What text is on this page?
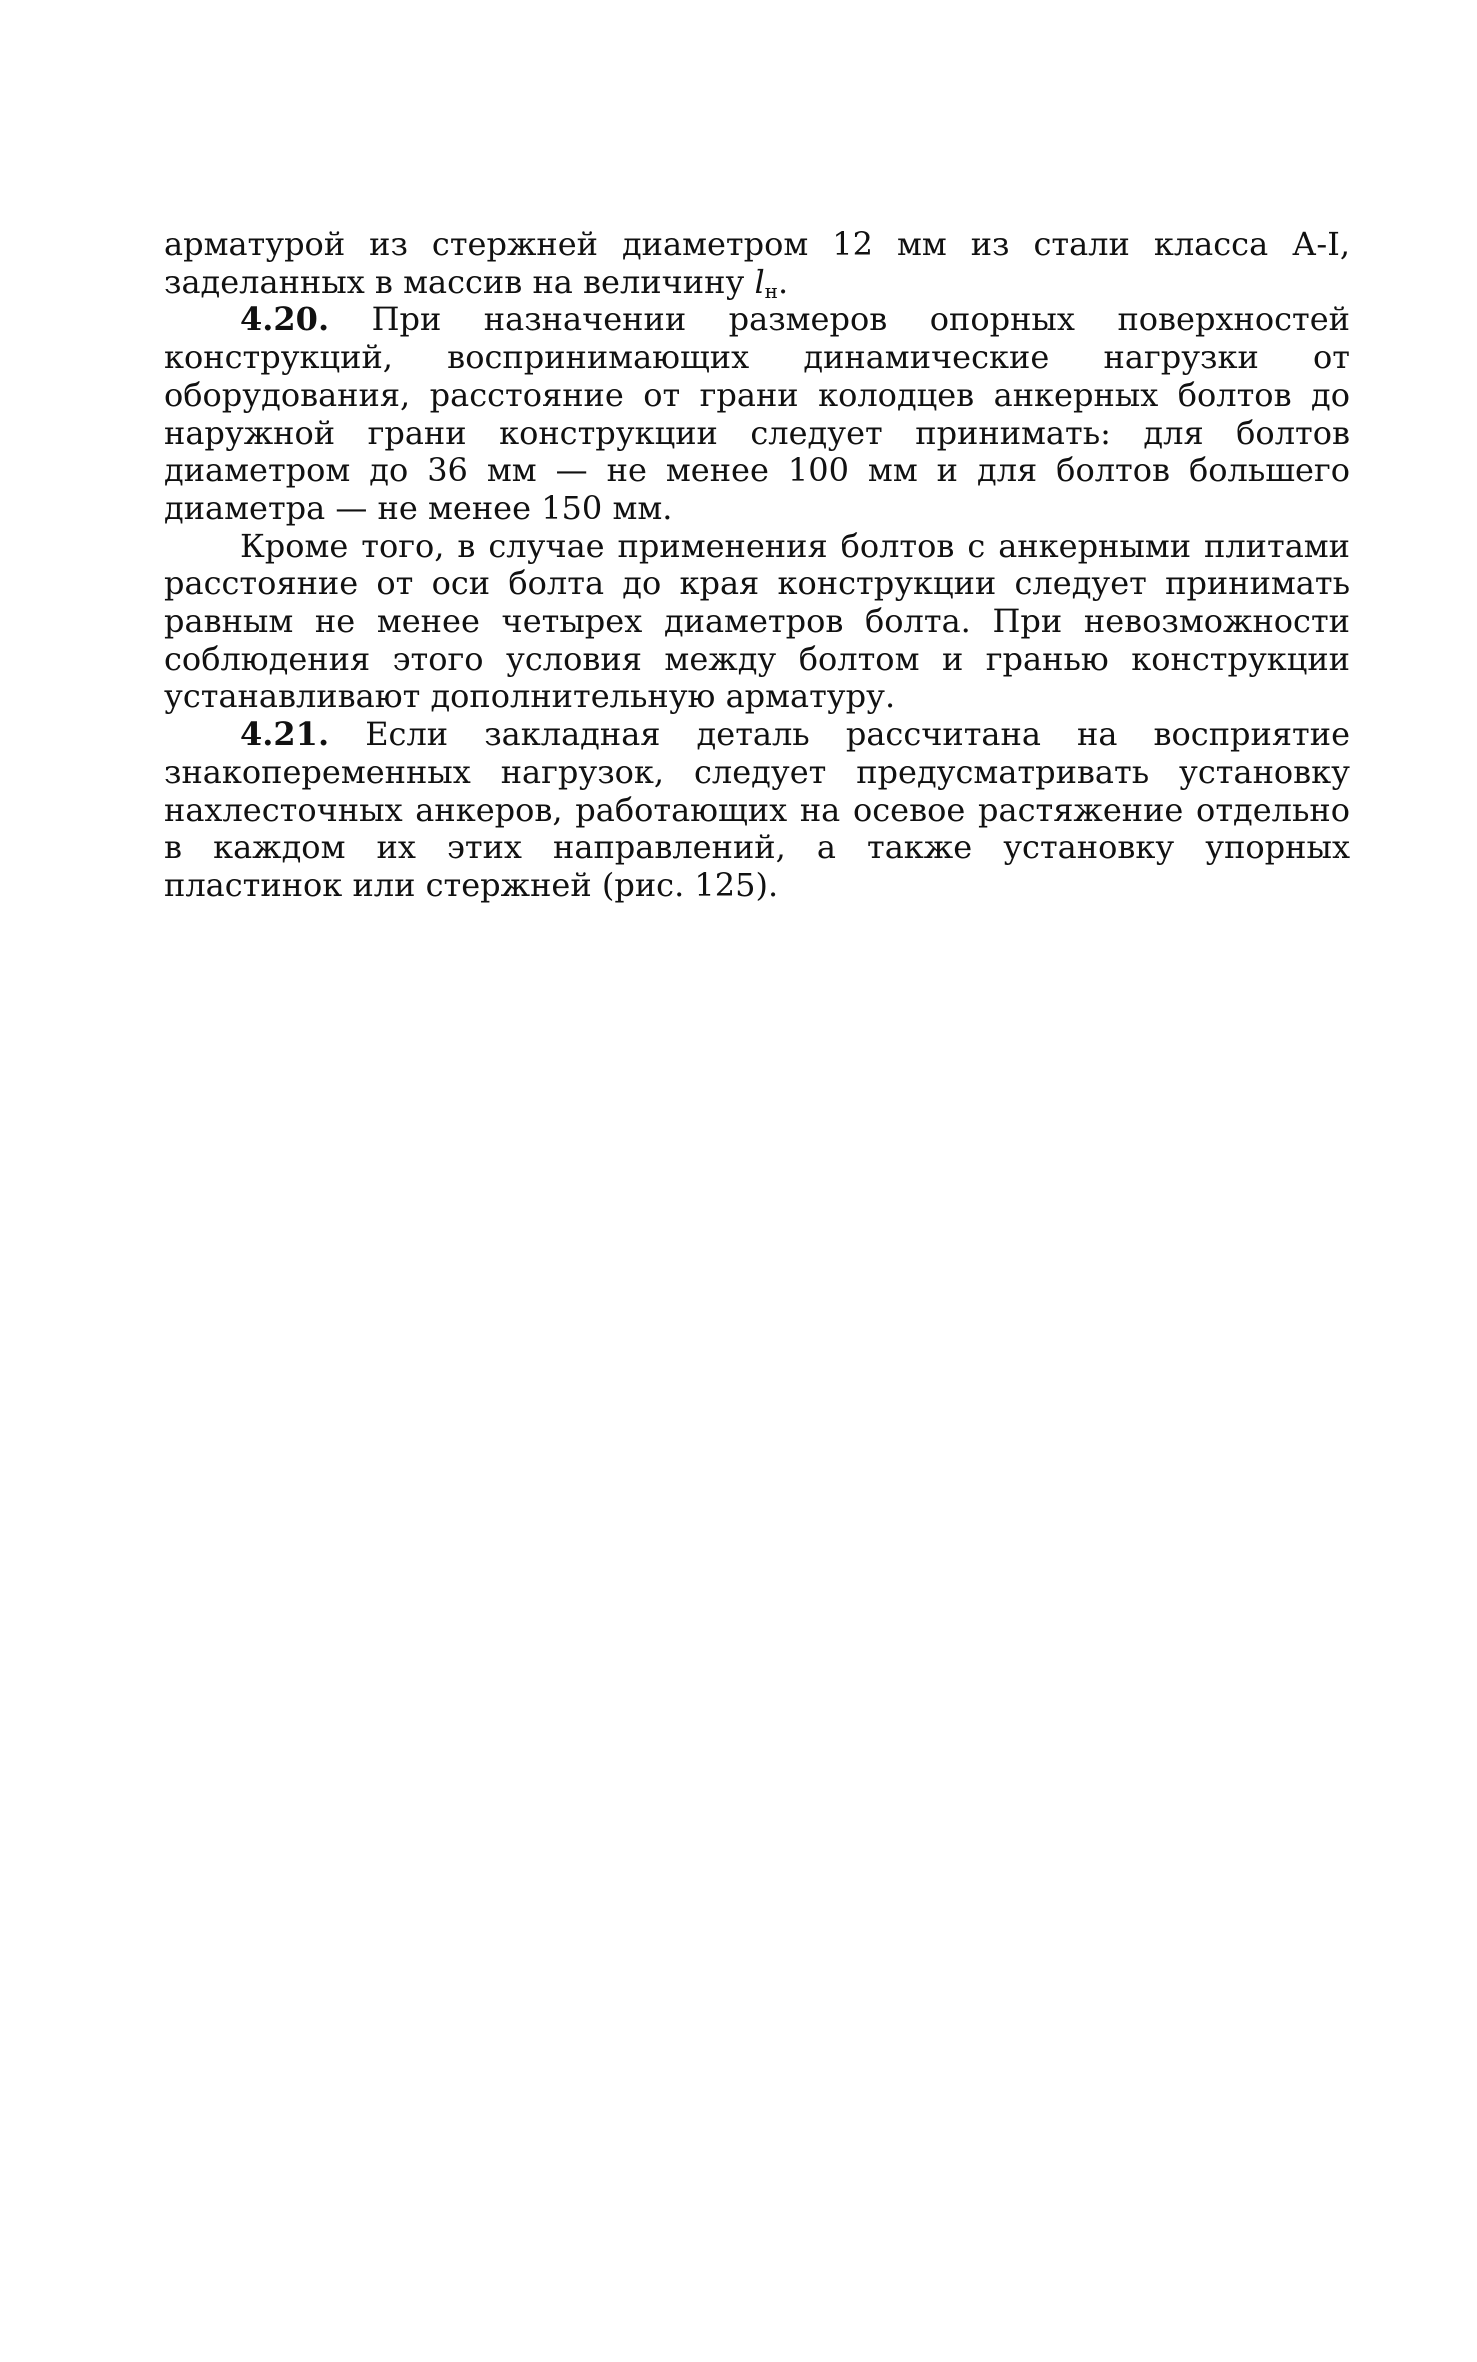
арматурой из стержней диаметром 12 мм из стали класса А-I, заделанных в массив на величину $l_н$.

4.20. При назначении размеров опорных поверхностей конструкций, воспринимающих динамические нагрузки от оборудования, расстояние от грани колодцев анкерных болтов до наружной грани конструкции следует принимать: для болтов диаметром до 36 мм — не менее 100 мм и для болтов большего диаметра — не менее 150 мм.

Кроме того, в случае применения болтов с анкерными плитами расстояние от оси болта до края конструкции следует принимать равным не менее четырех диаметров болта. При невозможности соблюдения этого условия между болтом и гранью конструкции устанавливают дополнительную арматуру.

4.21. Если закладная деталь рассчитана на восприятие знакопеременных нагрузок, следует предусматривать установку нахлесточных анкеров, работающих на осевое растяжение отдельно в каждом их этих направлений, а также установку упорных пластинок или стержней (рис. 125).
